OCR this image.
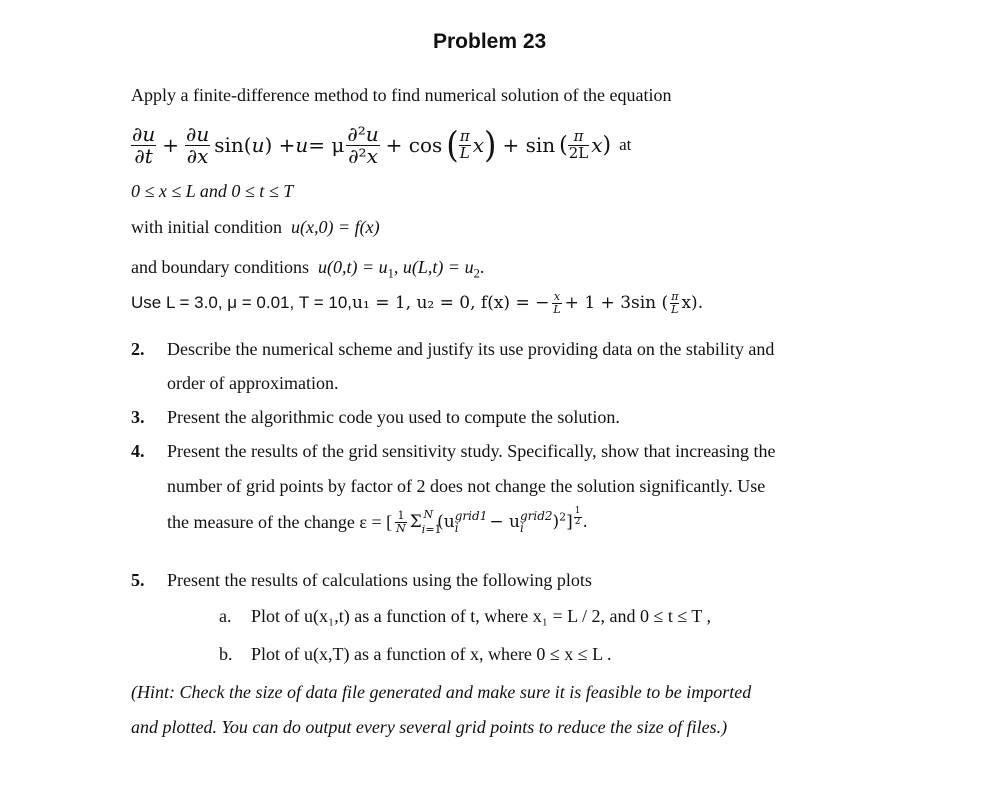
Problem 23
Apply a finite-difference method to find numerical solution of the equation
$\frac{\partial u}{\partial t} + \frac{\partial u}{\partial x} \sin$( u ) + u = μ $\frac{\text{∂²u}}{\text{∂²x}} + \cos$ ( $\frac{\pi}{L}$ x ) + sin ( $\frac{\pi}{2L}$ x ) at
0 ≤ x ≤ L and 0 ≤ t ≤ T
with initial condition u(x,0) = f(x)
and boundary conditions $u(0,t) = u_1$, $u(L,t) = u_2$.
Use L = 3.0, μ = 0.01, T = 10, u₁ = 1, u₂ = 0, f(x) = − $\frac{x}{L} + 1 + 3\sin$ ( $\frac{\pi}{L} x$).
2. Describe the numerical scheme and justify its use providing data on the stability and
order of approximation.
3. Present the algorithmic code you used to compute the solution.
4. Present the results of the grid sensitivity study. Specifically, show that increasing the
number of grid points by factor of 2 does not change the solution significantly. Use
the measure of the change ε = [ $\frac{1}{N} \Sigma_{i=1}^N$ (u grid1
i	− u grid2
i	)$^2] \frac{1}{2}$ .
5. Present the results of calculations using the following plots
a. Plot of u(x₁,t) as a function of t, where x₁ = L / 2, and 0 ≤ t ≤ T ,
b. Plot of u(x,T) as a function of x, where 0 ≤ x ≤ L .
(Hint: Check the size of data file generated and make sure it is feasible to be imported
and plotted. You can do output every several grid points to reduce the size of files.)
